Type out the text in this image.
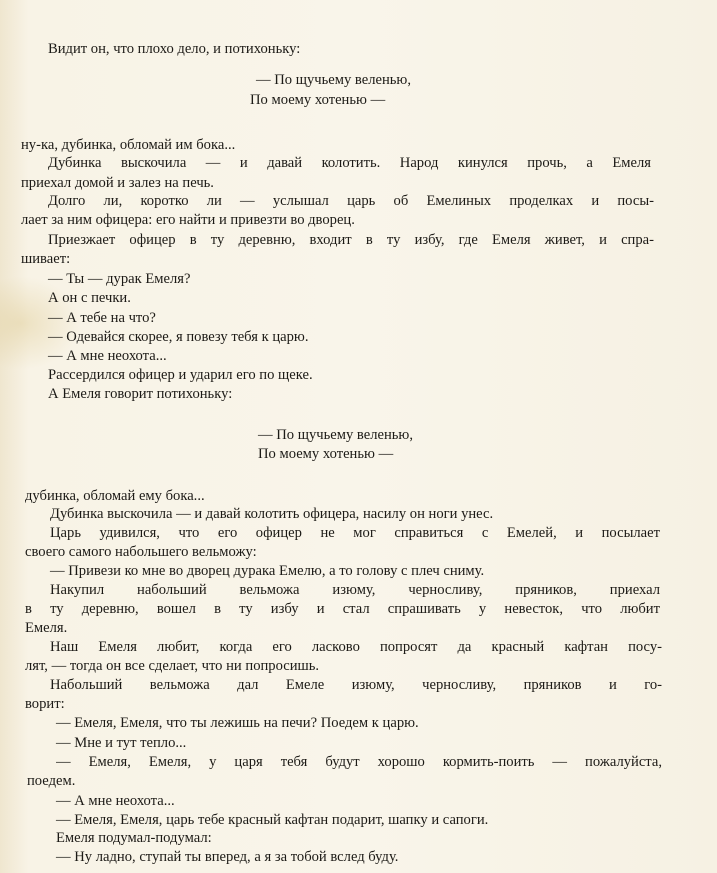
Видит он, что плохо дело, и потихоньку:
— По щучьему веленью,
По моему хотенью —
ну-ка, дубинка, обломай им бока...
Дубинка выскочила — и давай колотить. Народ кинулся прочь, а Емеля
приехал домой и залез на печь.
Долго ли, коротко ли — услышал царь об Емелиных проделках и посы-
лает за ним офицера: его найти и привезти во дворец.
Приезжает офицер в ту деревню, входит в ту избу, где Емеля живет, и спра-
шивает:
— Ты — дурак Емеля?
А он с печки.
— А тебе на что?
— Одевайся скорее, я повезу тебя к царю.
— А мне неохота...
Рассердился офицер и ударил его по щеке.
А Емеля говорит потихоньку:
— По щучьему веленью,
По моему хотенью —
дубинка, обломай ему бока...
Дубинка выскочила — и давай колотить офицера, насилу он ноги унес.
Царь удивился, что его офицер не мог справиться с Емелей, и посылает
своего самого набольшего вельможу:
— Привези ко мне во дворец дурака Емелю, а то голову с плеч сниму.
Накупил набольший вельможа изюму, черносливу, пряников, приехал
в ту деревню, вошел в ту избу и стал спрашивать у невесток, что любит
Емеля.
Наш Емеля любит, когда его ласково попросят да красный кафтан посу-
лят, — тогда он все сделает, что ни попросишь.
Набольший вельможа дал Емеле изюму, черносливу, пряников и го-
ворит:
— Емеля, Емеля, что ты лежишь на печи? Поедем к царю.
— Мне и тут тепло...
— Емеля, Емеля, у царя тебя будут хорошо кормить-поить — пожалуйста,
поедем.
— А мне неохота...
— Емеля, Емеля, царь тебе красный кафтан подарит, шапку и сапоги.
Емеля подумал-подумал:
— Ну ладно, ступай ты вперед, а я за тобой вслед буду.
